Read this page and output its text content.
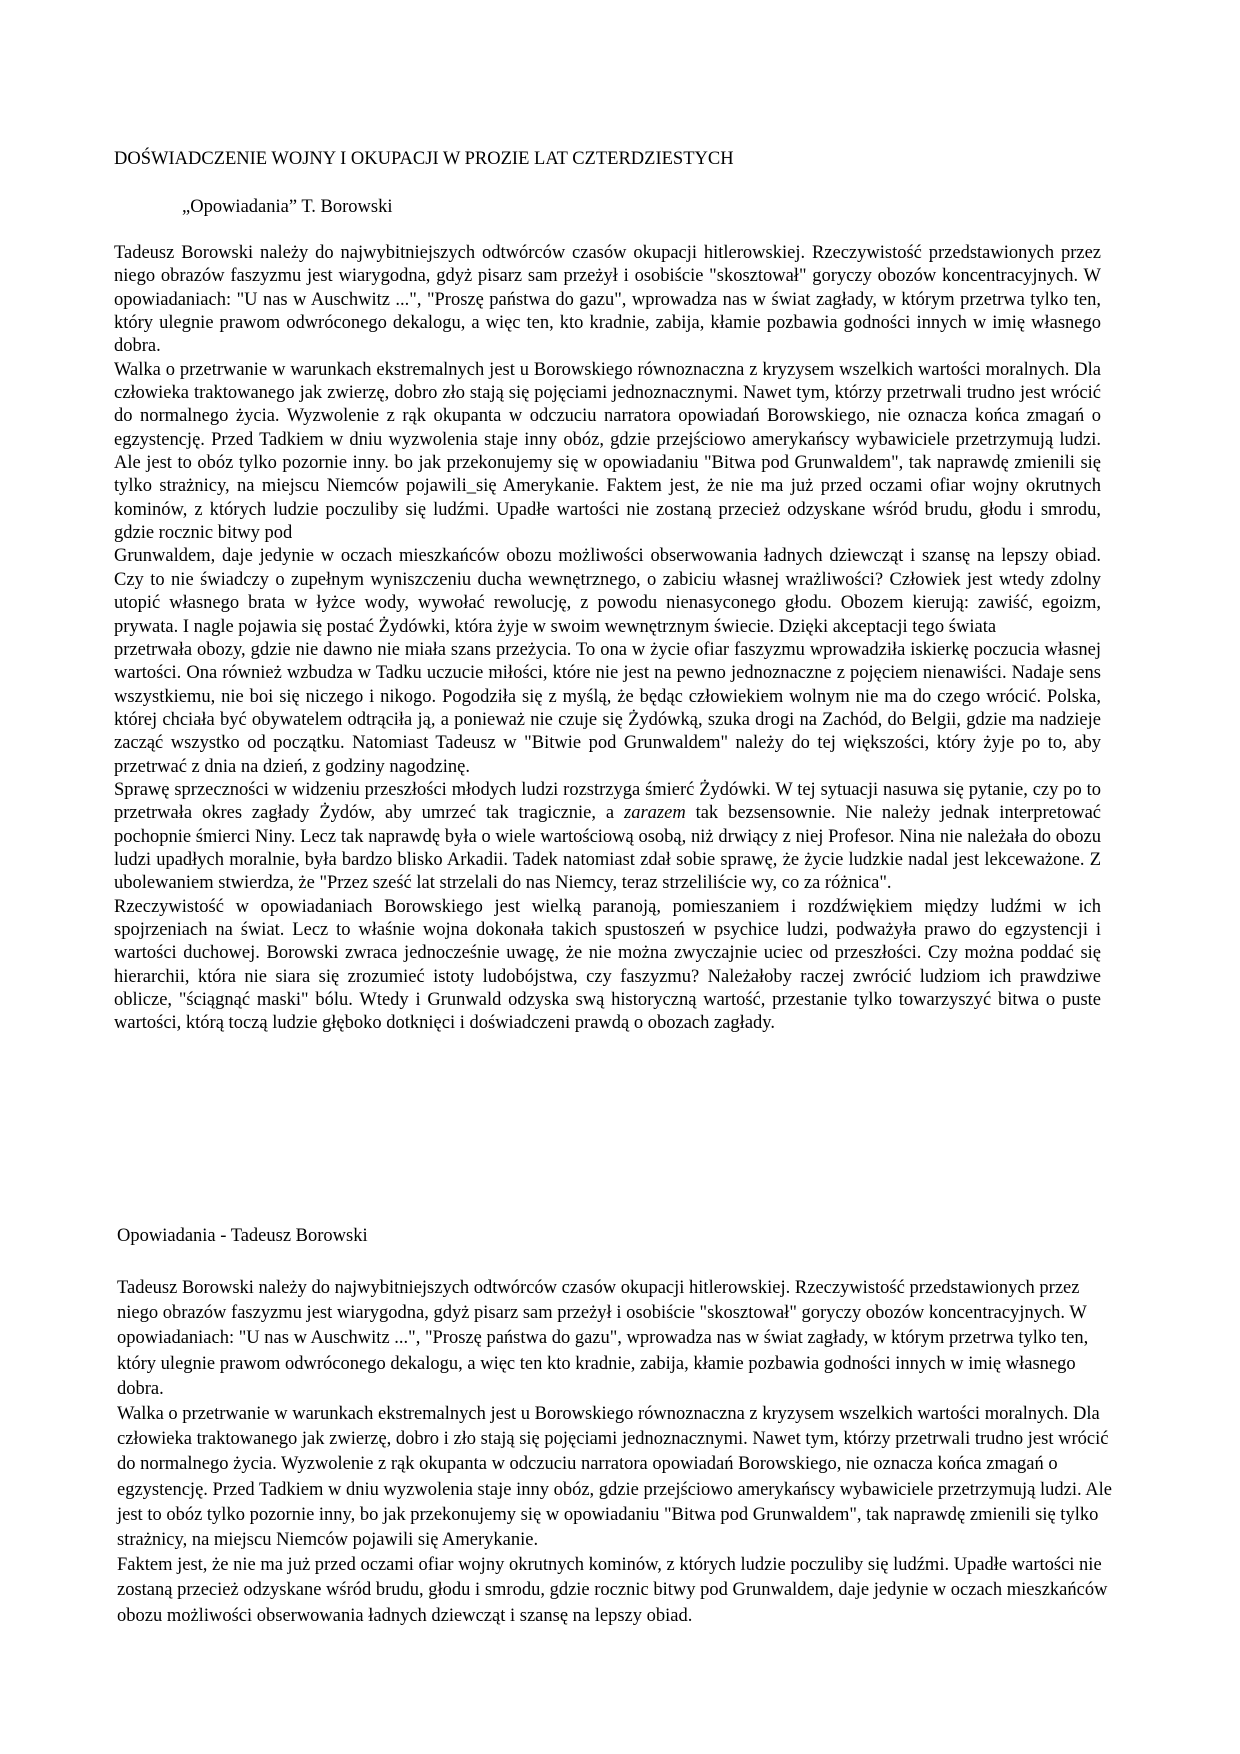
DOŚWIADCZENIE WOJNY I OKUPACJI W PROZIE LAT CZTERDZIESTYCH
„Opowiadania” T. Borowski

Tadeusz Borowski należy do najwybitniejszych odtwórców czasów okupacji hitlerowskiej. Rzeczywistość przedstawionych przez niego obrazów faszyzmu jest wiarygodna, gdyż pisarz sam przeżył i osobiście "skosztował" goryczy obozów koncentracyjnych. W opowiadaniach: "U nas w Auschwitz ...", "Proszę państwa do gazu", wprowadza nas w świat zagłady, w którym przetrwa tylko ten, który ulegnie prawom odwróconego dekalogu, a więc ten, kto kradnie, zabija, kłamie pozbawia godności innych w imię własnego dobra.

Walka o przetrwanie w warunkach ekstremalnych jest u Borowskiego równoznaczna z kryzysem wszelkich wartości moralnych. Dla człowieka traktowanego jak zwierzę, dobro zło stają się pojęciami jednoznacznymi. Nawet tym, którzy przetrwali trudno jest wrócić do normalnego życia. Wyzwolenie z rąk okupanta w odczuciu narratora opowiadań Borowskiego, nie oznacza końca zmagań o egzystencję. Przed Tadkiem w dniu wyzwolenia staje inny obóz, gdzie przejściowo amerykańscy wybawiciele przetrzymują ludzi. Ale jest to obóz tylko pozornie inny. bo jak przekonujemy się w opowiadaniu "Bitwa pod Grunwaldem", tak naprawdę zmienili się tylko strażnicy, na miejscu Niemców pojawili_się Amerykanie. Faktem jest, że nie ma już przed oczami ofiar wojny okrutnych kominów, z których ludzie poczuliby się ludźmi. Upadłe wartości nie zostaną przecież odzyskane wśród brudu, głodu i smrodu, gdzie rocznic bitwy pod

Grunwaldem, daje jedynie w oczach mieszkańców obozu możliwości obserwowania ładnych dziewcząt i szansę na lepszy obiad. Czy to nie świadczy o zupełnym wyniszczeniu ducha wewnętrznego, o zabiciu własnej wrażliwości? Człowiek jest wtedy zdolny utopić własnego brata w łyżce wody, wywołać rewolucję, z powodu nienasyconego głodu. Obozem kierują: zawiść, egoizm, prywata. I nagle pojawia się postać Żydówki, która żyje w swoim wewnętrznym świecie. Dzięki akceptacji tego świata

przetrwała obozy, gdzie nie dawno nie miała szans przeżycia. To ona w życie ofiar faszyzmu wprowadziła iskierkę poczucia własnej wartości. Ona również wzbudza w Tadku uczucie miłości, które nie jest na pewno jednoznaczne z pojęciem nienawiści. Nadaje sens wszystkiemu, nie boi się niczego i nikogo. Pogodziła się z myślą, że będąc człowiekiem wolnym nie ma do czego wrócić. Polska, której chciała być obywatelem odtrąciła ją, a ponieważ nie czuje się Żydówką, szuka drogi na Zachód, do Belgii, gdzie ma nadzieje zacząć wszystko od początku. Natomiast Tadeusz w "Bitwie pod Grunwaldem" należy do tej większości, który żyje po to, aby przetrwać z dnia na dzień, z godziny nagodzinę.

Sprawę sprzeczności w widzeniu przeszłości młodych ludzi rozstrzyga śmierć Żydówki. W tej sytuacji nasuwa się pytanie, czy po to przetrwała okres zagłady Żydów, aby umrzeć tak tragicznie, a zarazem tak bezsensownie. Nie należy jednak interpretować pochopnie śmierci Niny. Lecz tak naprawdę była o wiele wartościową osobą, niż drwiący z niej Profesor. Nina nie należała do obozu ludzi upadłych moralnie, była bardzo blisko Arkadii. Tadek natomiast zdał sobie sprawę, że życie ludzkie nadal jest lekceważone. Z ubolewaniem stwierdza, że "Przez sześć lat strzelali do nas Niemcy, teraz strzeliliście wy, co za różnica".

Rzeczywistość w opowiadaniach Borowskiego jest wielką paranoją, pomieszaniem i rozdźwiękiem między ludźmi w ich spojrzeniach na świat. Lecz to właśnie wojna dokonała takich spustoszeń w psychice ludzi, podważyła prawo do egzystencji i wartości duchowej. Borowski zwraca jednocześnie uwagę, że nie można zwyczajnie uciec od przeszłości. Czy można poddać się hierarchii, która nie siara się zrozumieć istoty ludobójstwa, czy faszyzmu? Należałoby raczej zwrócić ludziom ich prawdziwe oblicze, "ściągnąć maski" bólu. Wtedy i Grunwald odzyska swą historyczną wartość, przestanie tylko towarzyszyć bitwa o puste wartości, którą toczą ludzie głęboko dotknięci i doświadczeni prawdą o obozach zagłady.

Opowiadania - Tadeusz Borowski

Tadeusz Borowski należy do najwybitniejszych odtwórców czasów okupacji hitlerowskiej. Rzeczywistość przedstawionych przez niego obrazów faszyzmu jest wiarygodna, gdyż pisarz sam przeżył i osobiście "skosztował" goryczy obozów koncentracyjnych. W opowiadaniach: "U nas w Auschwitz ...", "Proszę państwa do gazu", wprowadza nas w świat zagłady, w którym przetrwa tylko ten, który ulegnie prawom odwróconego dekalogu, a więc ten kto kradnie, zabija, kłamie pozbawia godności innych w imię własnego dobra.

Walka o przetrwanie w warunkach ekstremalnych jest u Borowskiego równoznaczna z kryzysem wszelkich wartości moralnych. Dla człowieka traktowanego jak zwierzę, dobro i zło stają się pojęciami jednoznacznymi. Nawet tym, którzy przetrwali trudno jest wrócić do normalnego życia. Wyzwolenie z rąk okupanta w odczuciu narratora opowiadań Borowskiego, nie oznacza końca zmagań o egzystencję. Przed Tadkiem w dniu wyzwolenia staje inny obóz, gdzie przejściowo amerykańscy wybawiciele przetrzymują ludzi. Ale jest to obóz tylko pozornie inny, bo jak przekonujemy się w opowiadaniu "Bitwa pod Grunwaldem", tak naprawdę zmienili się tylko strażnicy, na miejscu Niemców pojawili się Amerykanie.

Faktem jest, że nie ma już przed oczami ofiar wojny okrutnych kominów, z których ludzie poczuliby się ludźmi. Upadłe wartości nie zostaną przecież odzyskane wśród brudu, głodu i smrodu, gdzie rocznic bitwy pod Grunwaldem, daje jedynie w oczach mieszkańców obozu możliwości obserwowania ładnych dziewcząt i szansę na lepszy obiad.
